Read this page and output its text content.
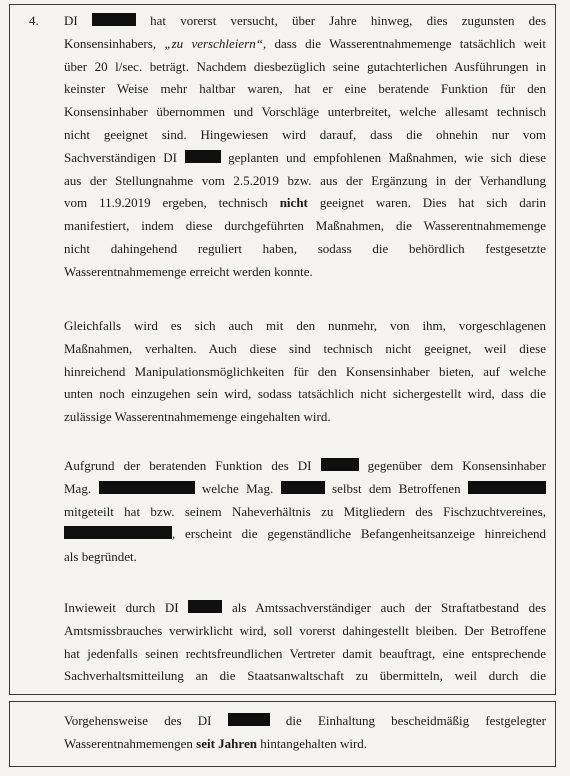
4. DI	hat vorerst versucht, über Jahre hinweg, dies zugunsten des
Konsensinhabers, „zu verschleiern“, dass die Wasserentnahmemenge tatsächlich weit
über 20 l/sec. beträgt. Nachdem diesbezüglich seine gutachterlichen Ausführungen in
keinster Weise mehr haltbar waren, hat er eine beratende Funktion für den
Konsensinhaber übernommen und Vorschläge unterbreitet, welche allesamt technisch
nicht geeignet sind. Hingewiesen wird darauf, dass die ohnehin nur vom
Sachverständigen DI	geplanten und empfohlenen Maßnahmen, wie sich diese
aus der Stellungnahme vom 2.5.2019 bzw. aus der Ergänzung in der Verhandlung
vom 11.9.2019 ergeben, technisch nicht geeignet waren. Dies hat sich darin
manifestiert, indem diese durchgeführten Maßnahmen, die Wasserentnahmemenge
nicht dahingehend reguliert haben, sodass die behördlich festgesetzte
Wasserentnahmemenge erreicht werden konnte.
Gleichfalls wird es sich auch mit den nunmehr, von ihm, vorgeschlagenen
Maßnahmen, verhalten. Auch diese sind technisch nicht geeignet, weil diese
hinreichend Manipulationsmöglichkeiten für den Konsensinhaber bieten, auf welche
unten noch einzugehen sein wird, sodass tatsächlich nicht sichergestellt wird, dass die
zulässige Wasserentnahmemenge eingehalten wird.
Aufgrund der beratenden Funktion des DI	gegenüber dem Konsensinhaber
Mag.	welche Mag.	selbst dem Betroffenen
mitgeteilt hat bzw. seinem Naheverhältnis zu Mitgliedern des Fischzuchtvereines,
, erscheint die gegenständliche Befangenheitsanzeige hinreichend
als begründet.
Inwieweit durch DI	als Amtssachverständiger auch der Straftatbestand des
Amtsmissbrauches verwirklicht wird, soll vorerst dahingestellt bleiben. Der Betroffene
hat jedenfalls seinen rechtsfreundlichen Vertreter damit beauftragt, eine entsprechende
Sachverhaltsmitteilung an die Staatsanwaltschaft zu übermitteln, weil durch die
Vorgehensweise des DI	die Einhaltung bescheidmäßig festgelegter
Wasserentnahmemengen seit Jahren hintangehalten wird.
